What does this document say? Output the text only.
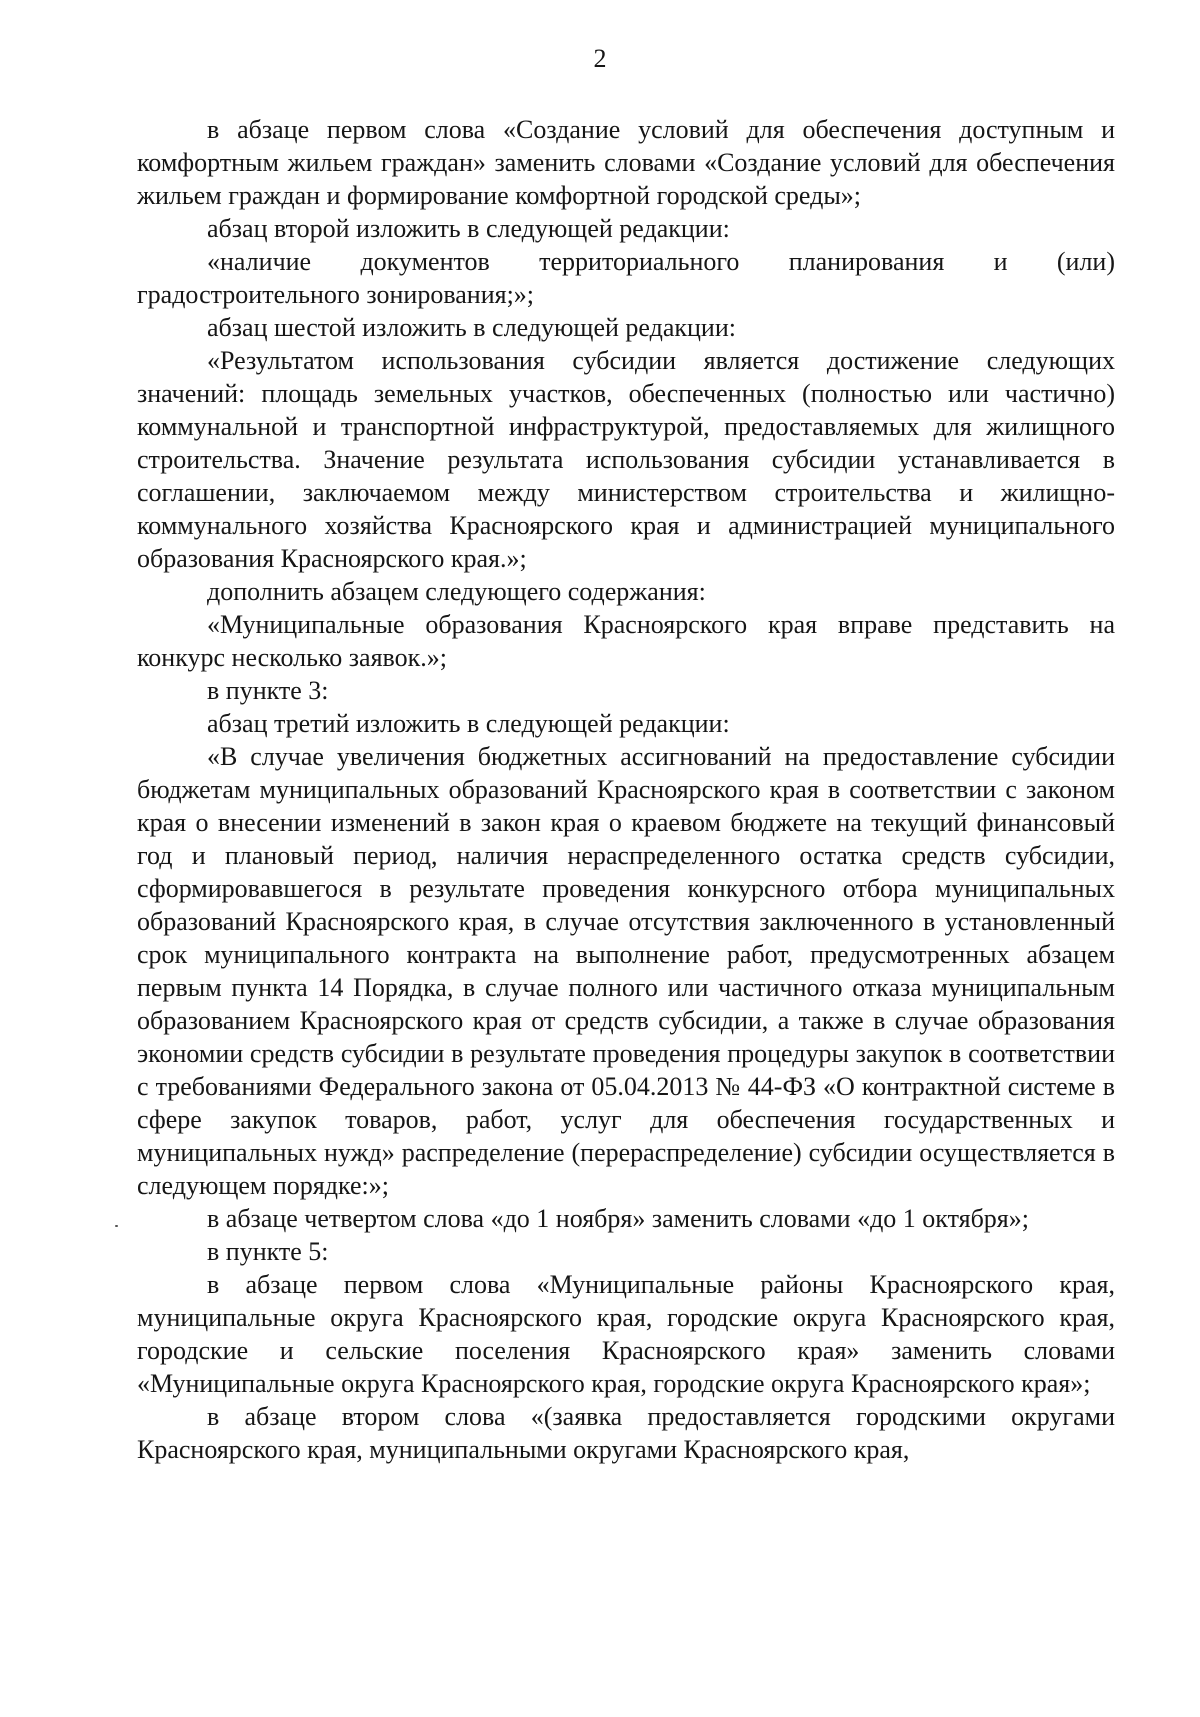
2

в абзаце первом слова «Создание условий для обеспечения доступным и комфортным жильем граждан» заменить словами «Создание условий для обеспечения жильем граждан и формирование комфортной городской среды»;

абзац второй изложить в следующей редакции:

«наличие документов территориального планирования и (или) градостроительного зонирования;»;

абзац шестой изложить в следующей редакции:

«Результатом использования субсидии является достижение следующих значений: площадь земельных участков, обеспеченных (полностью или частично) коммунальной и транспортной инфраструктурой, предоставляемых для жилищного строительства. Значение результата использования субсидии устанавливается в соглашении, заключаемом между министерством строительства и жилищно-коммунального хозяйства Красноярского края и администрацией муниципального образования Красноярского края.»;

дополнить абзацем следующего содержания:

«Муниципальные образования Красноярского края вправе представить на конкурс несколько заявок.»;

в пункте 3:

абзац третий изложить в следующей редакции:

«В случае увеличения бюджетных ассигнований на предоставление субсидии бюджетам муниципальных образований Красноярского края в соответствии с законом края о внесении изменений в закон края о краевом бюджете на текущий финансовый год и плановый период, наличия нераспределенного остатка средств субсидии, сформировавшегося в результате проведения конкурсного отбора муниципальных образований Красноярского края, в случае отсутствия заключенного в установленный срок муниципального контракта на выполнение работ, предусмотренных абзацем первым пункта 14 Порядка, в случае полного или частичного отказа муниципальным образованием Красноярского края от средств субсидии, а также в случае образования экономии средств субсидии в результате проведения процедуры закупок в соответствии с требованиями Федерального закона от 05.04.2013 № 44-ФЗ «О контрактной системе в сфере закупок товаров, работ, услуг для обеспечения государственных и муниципальных нужд» распределение (перераспределение) субсидии осуществляется в следующем порядке:»;

в абзаце четвертом слова «до 1 ноября» заменить словами «до 1 октября»;

в пункте 5:

в абзаце первом слова «Муниципальные районы Красноярского края, муниципальные округа Красноярского края, городские округа Красноярского края, городские и сельские поселения Красноярского края» заменить словами «Муниципальные округа Красноярского края, городские округа Красноярского края»;

в абзаце втором слова «(заявка предоставляется городскими округами Красноярского края, муниципальными округами Красноярского края,
